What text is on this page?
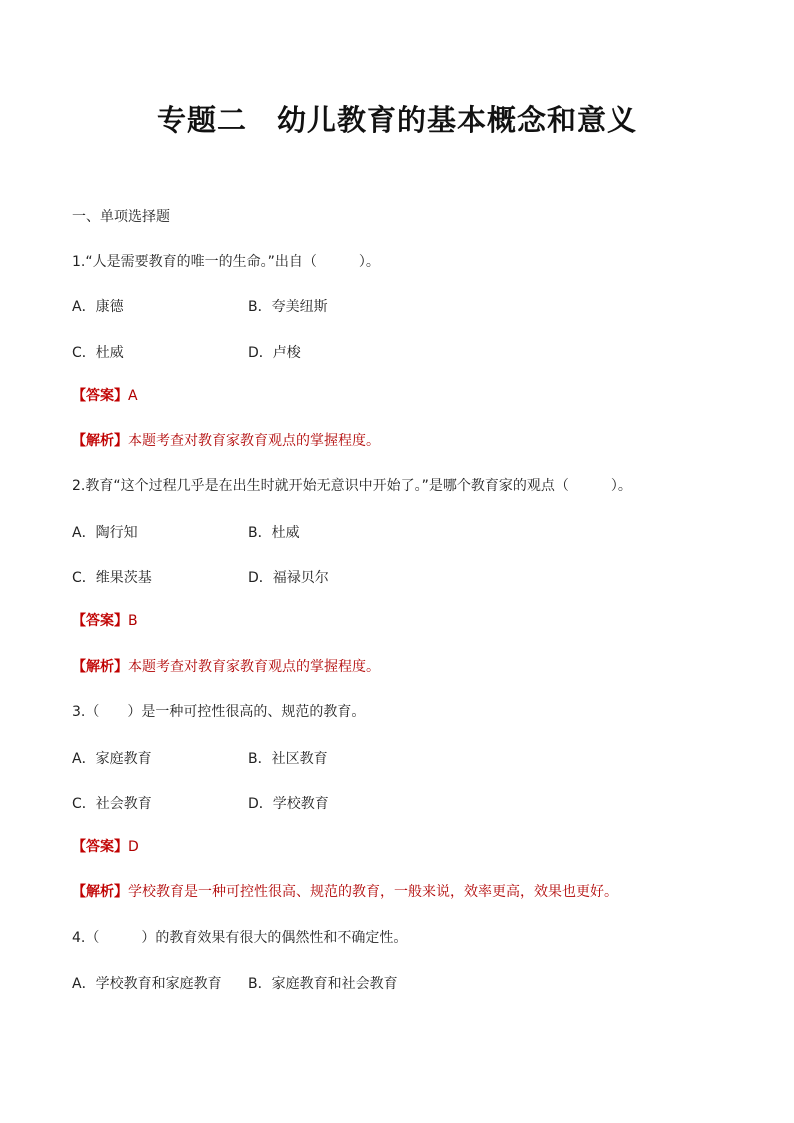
专题二　幼儿教育的基本概念和意义
一、单项选择题
1.“人是需要教育的唯一的生命。”出自（　　　）。
A．康德	B．夸美纽斯
C．杜威	D．卢梭
【答案】A
【解析】本题考查对教育家教育观点的掌握程度。
2.教育“这个过程几乎是在出生时就开始无意识中开始了。”是哪个教育家的观点（　　　）。
A．陶行知	B．杜威
C．维果茨基	D．福禄贝尔
【答案】B
【解析】本题考查对教育家教育观点的掌握程度。
3.（　　）是一种可控性很高的、规范的教育。
A．家庭教育	B．社区教育
C．社会教育	D．学校教育
【答案】D
【解析】学校教育是一种可控性很高、规范的教育，一般来说，效率更高，效果也更好。
4.（　　　）的教育效果有很大的偶然性和不确定性。
A．学校教育和家庭教育 B．家庭教育和社会教育
